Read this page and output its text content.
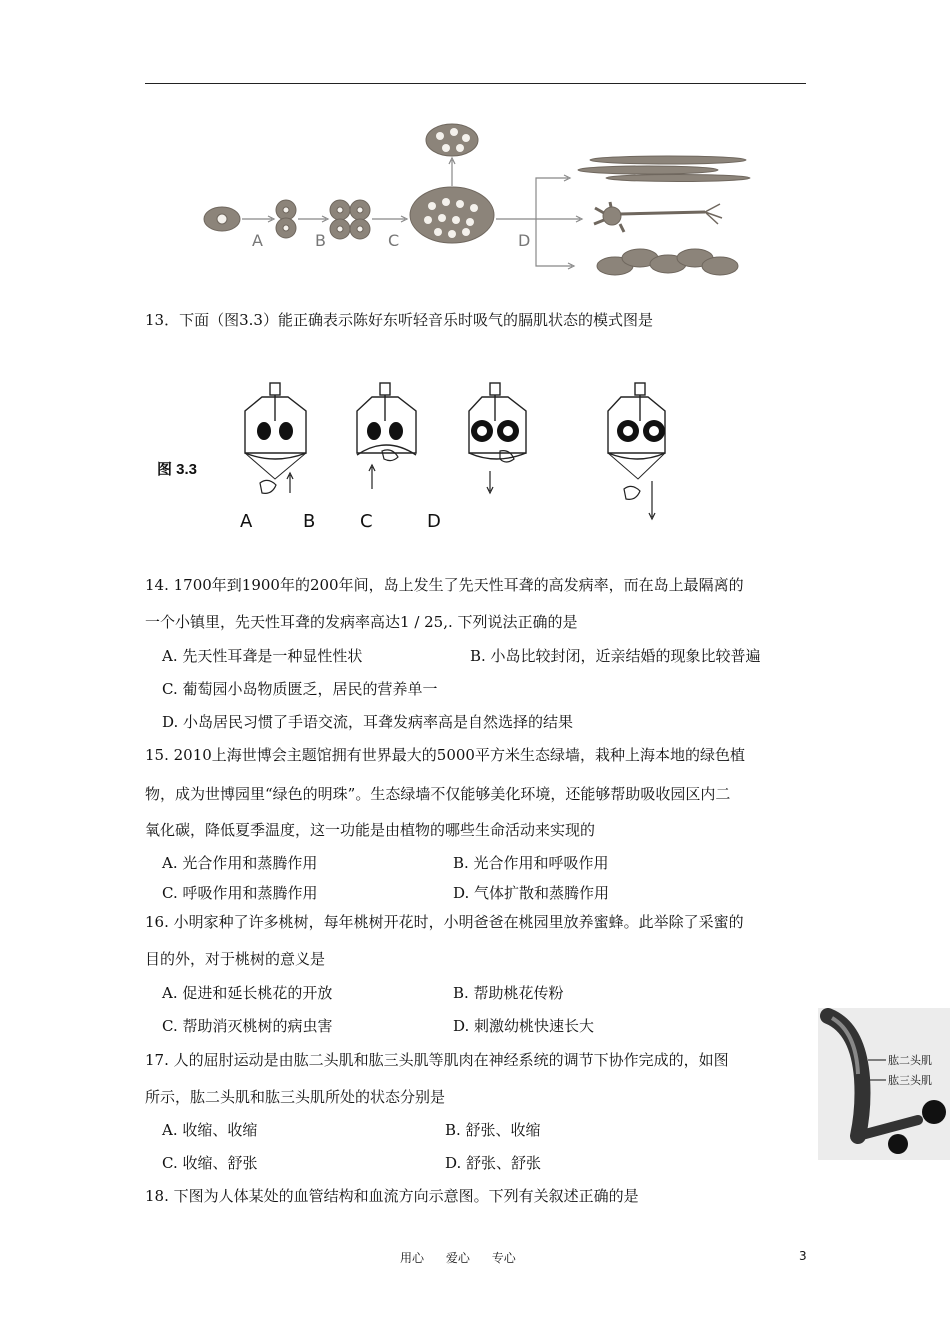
A	B	C	D
13．下面（图3.3）能正确表示陈好东听轻音乐时吸气的膈肌状态的模式图是
图 3.3
A	B C	D
14. 1700年到1900年的200年间，岛上发生了先天性耳聋的高发病率，而在岛上最隔离的
一个小镇里，先天性耳聋的发病率高达1 / 25,. 下列说法正确的是
A. 先天性耳聋是一种显性性状	B. 小岛比较封闭，近亲结婚的现象比较普遍
C. 葡萄园小岛物质匮乏，居民的营养单一
D. 小岛居民习惯了手语交流，耳聋发病率高是自然选择的结果
15. 2010上海世博会主题馆拥有世界最大的5000平方米生态绿墙，栽种上海本地的绿色植
物，成为世博园里“绿色的明珠”。生态绿墙不仅能够美化环境，还能够帮助吸收园区内二
氧化碳，降低夏季温度，这一功能是由植物的哪些生命活动来实现的
A. 光合作用和蒸腾作用	B. 光合作用和呼吸作用
C. 呼吸作用和蒸腾作用	D. 气体扩散和蒸腾作用
16. 小明家种了许多桃树，每年桃树开花时，小明爸爸在桃园里放养蜜蜂。此举除了采蜜的
目的外，对于桃树的意义是
A. 促进和延长桃花的开放	B. 帮助桃花传粉
C. 帮助消灭桃树的病虫害	D. 刺激幼桃快速长大
17. 人的屈肘运动是由肱二头肌和肱三头肌等肌肉在神经系统的调节下协作完成的，如图
所示，肱二头肌和肱三头肌所处的状态分别是
A. 收缩、收缩	B. 舒张、收缩
C. 收缩、舒张	D. 舒张、舒张
肱二头肌
肱三头肌
18. 下图为人体某处的血管结构和血流方向示意图。下列有关叙述正确的是
用心 爱心 专心	3
